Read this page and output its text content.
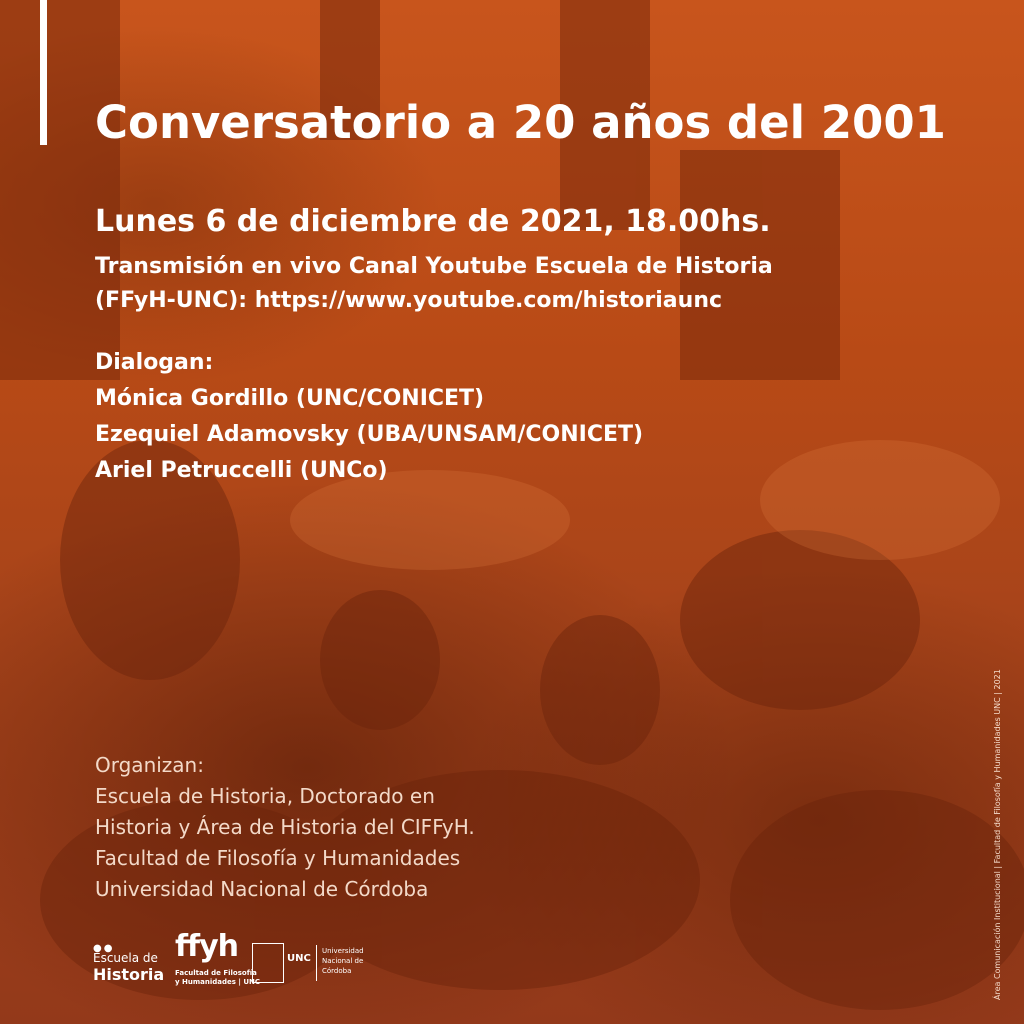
Conversatorio a 20 años del 2001
Lunes 6 de diciembre de 2021, 18.00hs.
Transmisión en vivo Canal Youtube Escuela de Historia
(FFyH-UNC): https://www.youtube.com/historiaunc
Dialogan:
Mónica Gordillo (UNC/CONICET)
Ezequiel Adamovsky (UBA/UNSAM/CONICET)
Ariel Petruccelli (UNCo)
Organizan:
Escuela de Historia, Doctorado en
Historia y Área de Historia del CIFFyH.
Facultad de Filosofía y Humanidades
Universidad Nacional de Córdoba
●●
Escuela de
Historia
ffyh
Facultad de Filosofía
y Humanidades | UNC
UNC
Universidad Nacional de Córdoba	Área Comunicación Institucional | Facultad de Filosofía y Humanidades UNC | 2021
